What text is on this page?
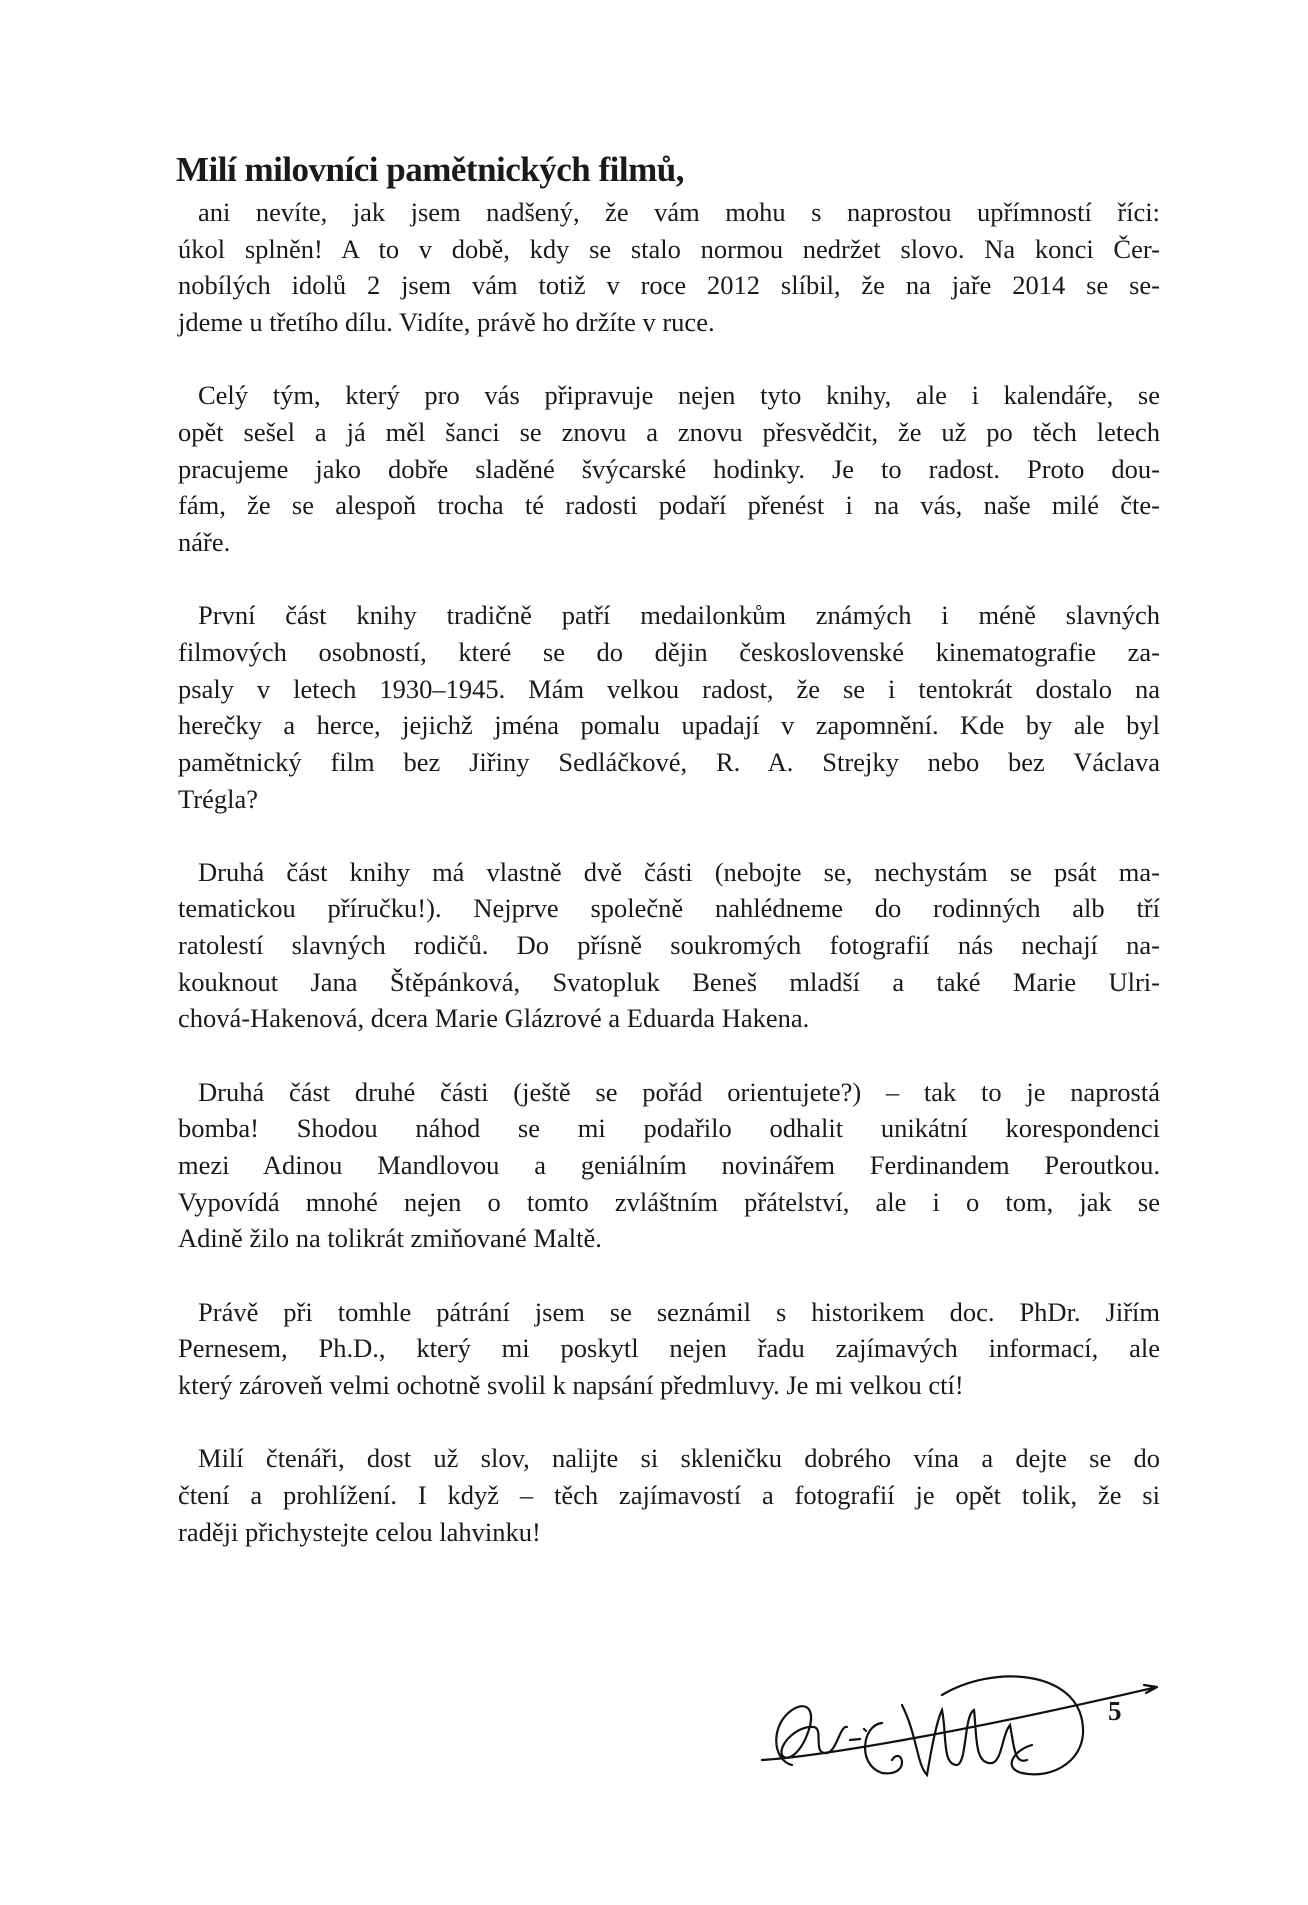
Milí milovníci pamětnických filmů,
ani nevíte, jak jsem nadšený, že vám mohu s naprostou upřímností říci:
úkol splněn! A to v době, kdy se stalo normou nedržet slovo. Na konci Čer-
nobílých idolů 2 jsem vám totiž v roce 2012 slíbil, že na jaře 2014 se se-
jdeme u třetího dílu. Vidíte, právě ho držíte v ruce.
Celý tým, který pro vás připravuje nejen tyto knihy, ale i kalendáře, se
opět sešel a já měl šanci se znovu a znovu přesvědčit, že už po těch letech
pracujeme jako dobře sladěné švýcarské hodinky. Je to radost. Proto dou-
fám, že se alespoň trocha té radosti podaří přenést i na vás, naše milé čte-
náře.
První část knihy tradičně patří medailonkům známých i méně slavných
filmových osobností, které se do dějin československé kinematografie za-
psaly v letech 1930–1945. Mám velkou radost, že se i tentokrát dostalo na
herečky a herce, jejichž jména pomalu upadají v zapomnění. Kde by ale byl
pamětnický film bez Jiřiny Sedláčkové, R. A. Strejky nebo bez Václava
Trégla?
Druhá část knihy má vlastně dvě části (nebojte se, nechystám se psát ma-
tematickou příručku!). Nejprve společně nahlédneme do rodinných alb tří
ratolestí slavných rodičů. Do přísně soukromých fotografií nás nechají na-
kouknout Jana Štěpánková, Svatopluk Beneš mladší a také Marie Ulri-
chová-Hakenová, dcera Marie Glázrové a Eduarda Hakena.
Druhá část druhé části (ještě se pořád orientujete?) – tak to je naprostá
bomba! Shodou náhod se mi podařilo odhalit unikátní korespondenci
mezi Adinou Mandlovou a geniálním novinářem Ferdinandem Peroutkou.
Vypovídá mnohé nejen o tomto zvláštním přátelství, ale i o tom, jak se
Adině žilo na tolikrát zmiňované Maltě.
Právě při tomhle pátrání jsem se seznámil s historikem doc. PhDr. Jiřím
Pernesem, Ph.D., který mi poskytl nejen řadu zajímavých informací, ale
který zároveň velmi ochotně svolil k napsání předmluvy. Je mi velkou ctí!
Milí čtenáři, dost už slov, nalijte si skleničku dobrého vína a dejte se do
čtení a prohlížení. I když – těch zajímavostí a fotografií je opět tolik, že si
raději přichystejte celou lahvinku!
5
